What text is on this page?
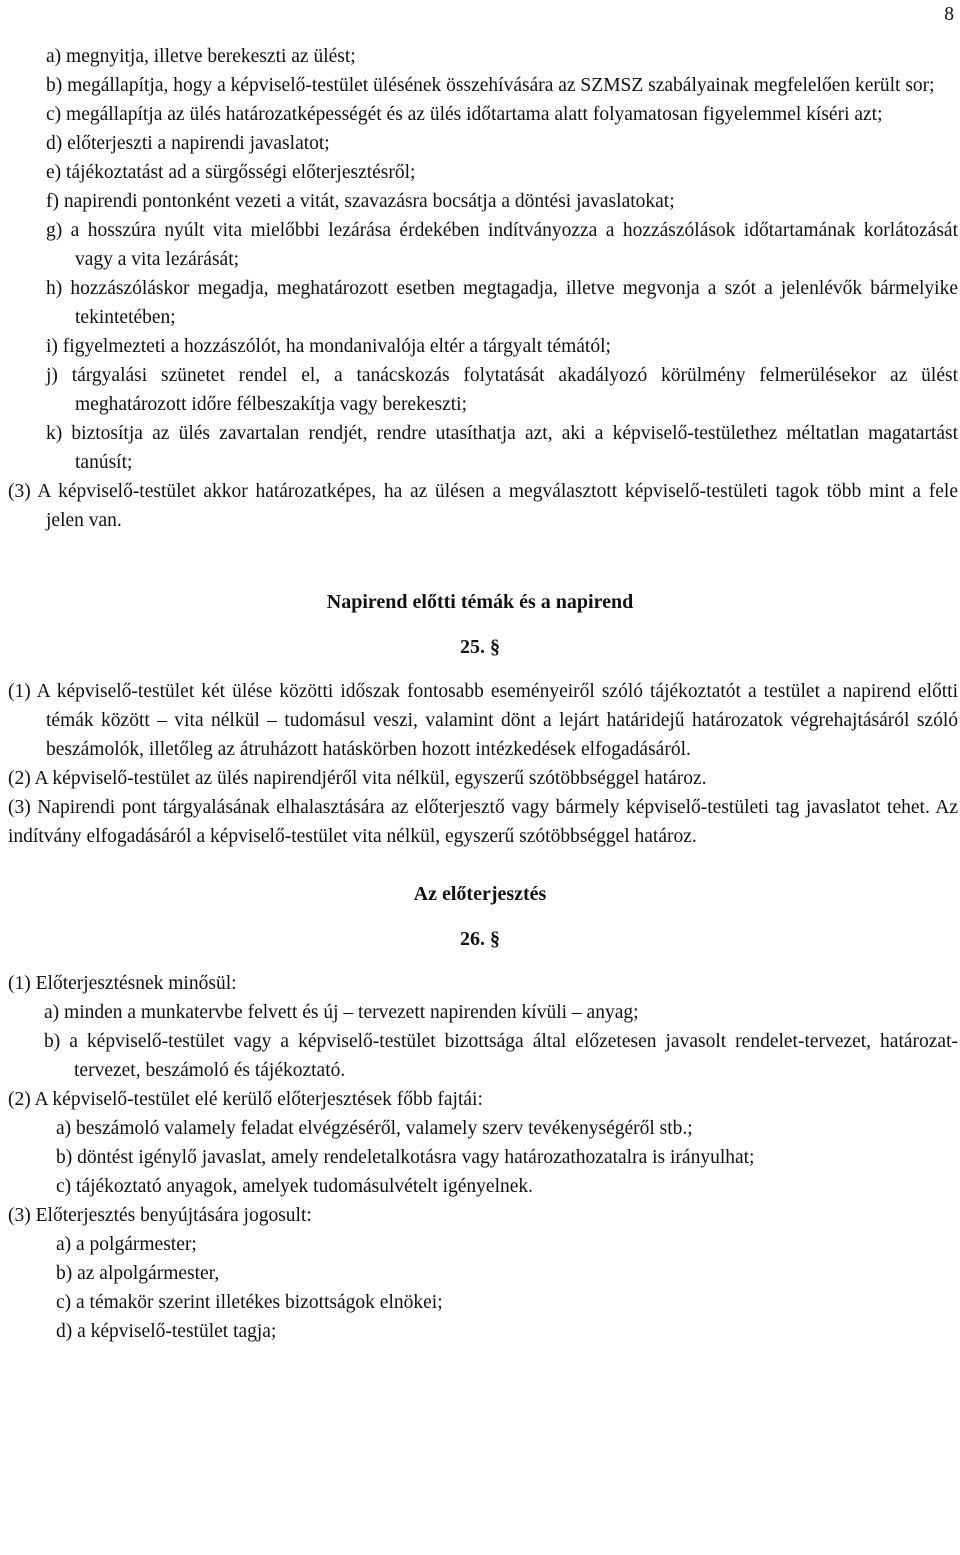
8
a) megnyitja, illetve berekeszti az ülést;
b) megállapítja, hogy a képviselő-testület ülésének összehívására az SZMSZ szabályainak megfelelően került sor;
c) megállapítja az ülés határozatképességét és az ülés időtartama alatt folyamatosan figyelemmel kíséri azt;
d) előterjeszti a napirendi javaslatot;
e) tájékoztatást ad a sürgősségi előterjesztésről;
f) napirendi pontonként vezeti a vitát, szavazásra bocsátja a döntési javaslatokat;
g) a hosszúra nyúlt vita mielőbbi lezárása érdekében indítványozza a hozzászólások időtartamának korlátozását vagy a vita lezárását;
h) hozzászóláskor megadja, meghatározott esetben megtagadja, illetve megvonja a szót a jelenlévők bármelyike tekintetében;
i) figyelmezteti a hozzászólót, ha mondanivalója eltér a tárgyalt témától;
j) tárgyalási szünetet rendel el, a tanácskozás folytatását akadályozó körülmény felmerülésekor az ülést meghatározott időre félbeszakítja vagy berekeszti;
k) biztosítja az ülés zavartalan rendjét, rendre utasíthatja azt, aki a képviselő-testülethez méltatlan magatartást tanúsít;
(3) A képviselő-testület akkor határozatképes, ha az ülésen a megválasztott képviselő-testületi tagok több mint a fele jelen van.
Napirend előtti témák és a napirend
25. §
(1) A képviselő-testület két ülése közötti időszak fontosabb eseményeiről szóló tájékoztatót a testület a napirend előtti témák között – vita nélkül – tudomásul veszi, valamint dönt a lejárt határidejű határozatok végrehajtásáról szóló beszámolók, illetőleg az átruházott hatáskörben hozott intézkedések elfogadásáról.
(2) A képviselő-testület az ülés napirendjéről vita nélkül, egyszerű szótöbbséggel határoz.
(3) Napirendi pont tárgyalásának elhalasztására az előterjesztő vagy bármely képviselő-testületi tag javaslatot tehet. Az indítvány elfogadásáról a képviselő-testület vita nélkül, egyszerű szótöbbséggel határoz.
Az előterjesztés
26. §
(1) Előterjesztésnek minősül:
a) minden a munkatervbe felvett és új – tervezett napirenden kívüli – anyag;
b) a képviselő-testület vagy a képviselő-testület bizottsága által előzetesen javasolt rendelet-tervezet, határozat-tervezet, beszámoló és tájékoztató.
(2) A képviselő-testület elé kerülő előterjesztések főbb fajtái:
a) beszámoló valamely feladat elvégzéséről, valamely szerv tevékenységéről stb.;
b) döntést igénylő javaslat, amely rendeletalkotásra vagy határozathozatalra is irányulhat;
c) tájékoztató anyagok, amelyek tudomásulvételt igényelnek.
(3) Előterjesztés benyújtására jogosult:
a) a polgármester;
b) az alpolgármester,
c) a témakör szerint illetékes bizottságok elnökei;
d) a képviselő-testület tagja;
